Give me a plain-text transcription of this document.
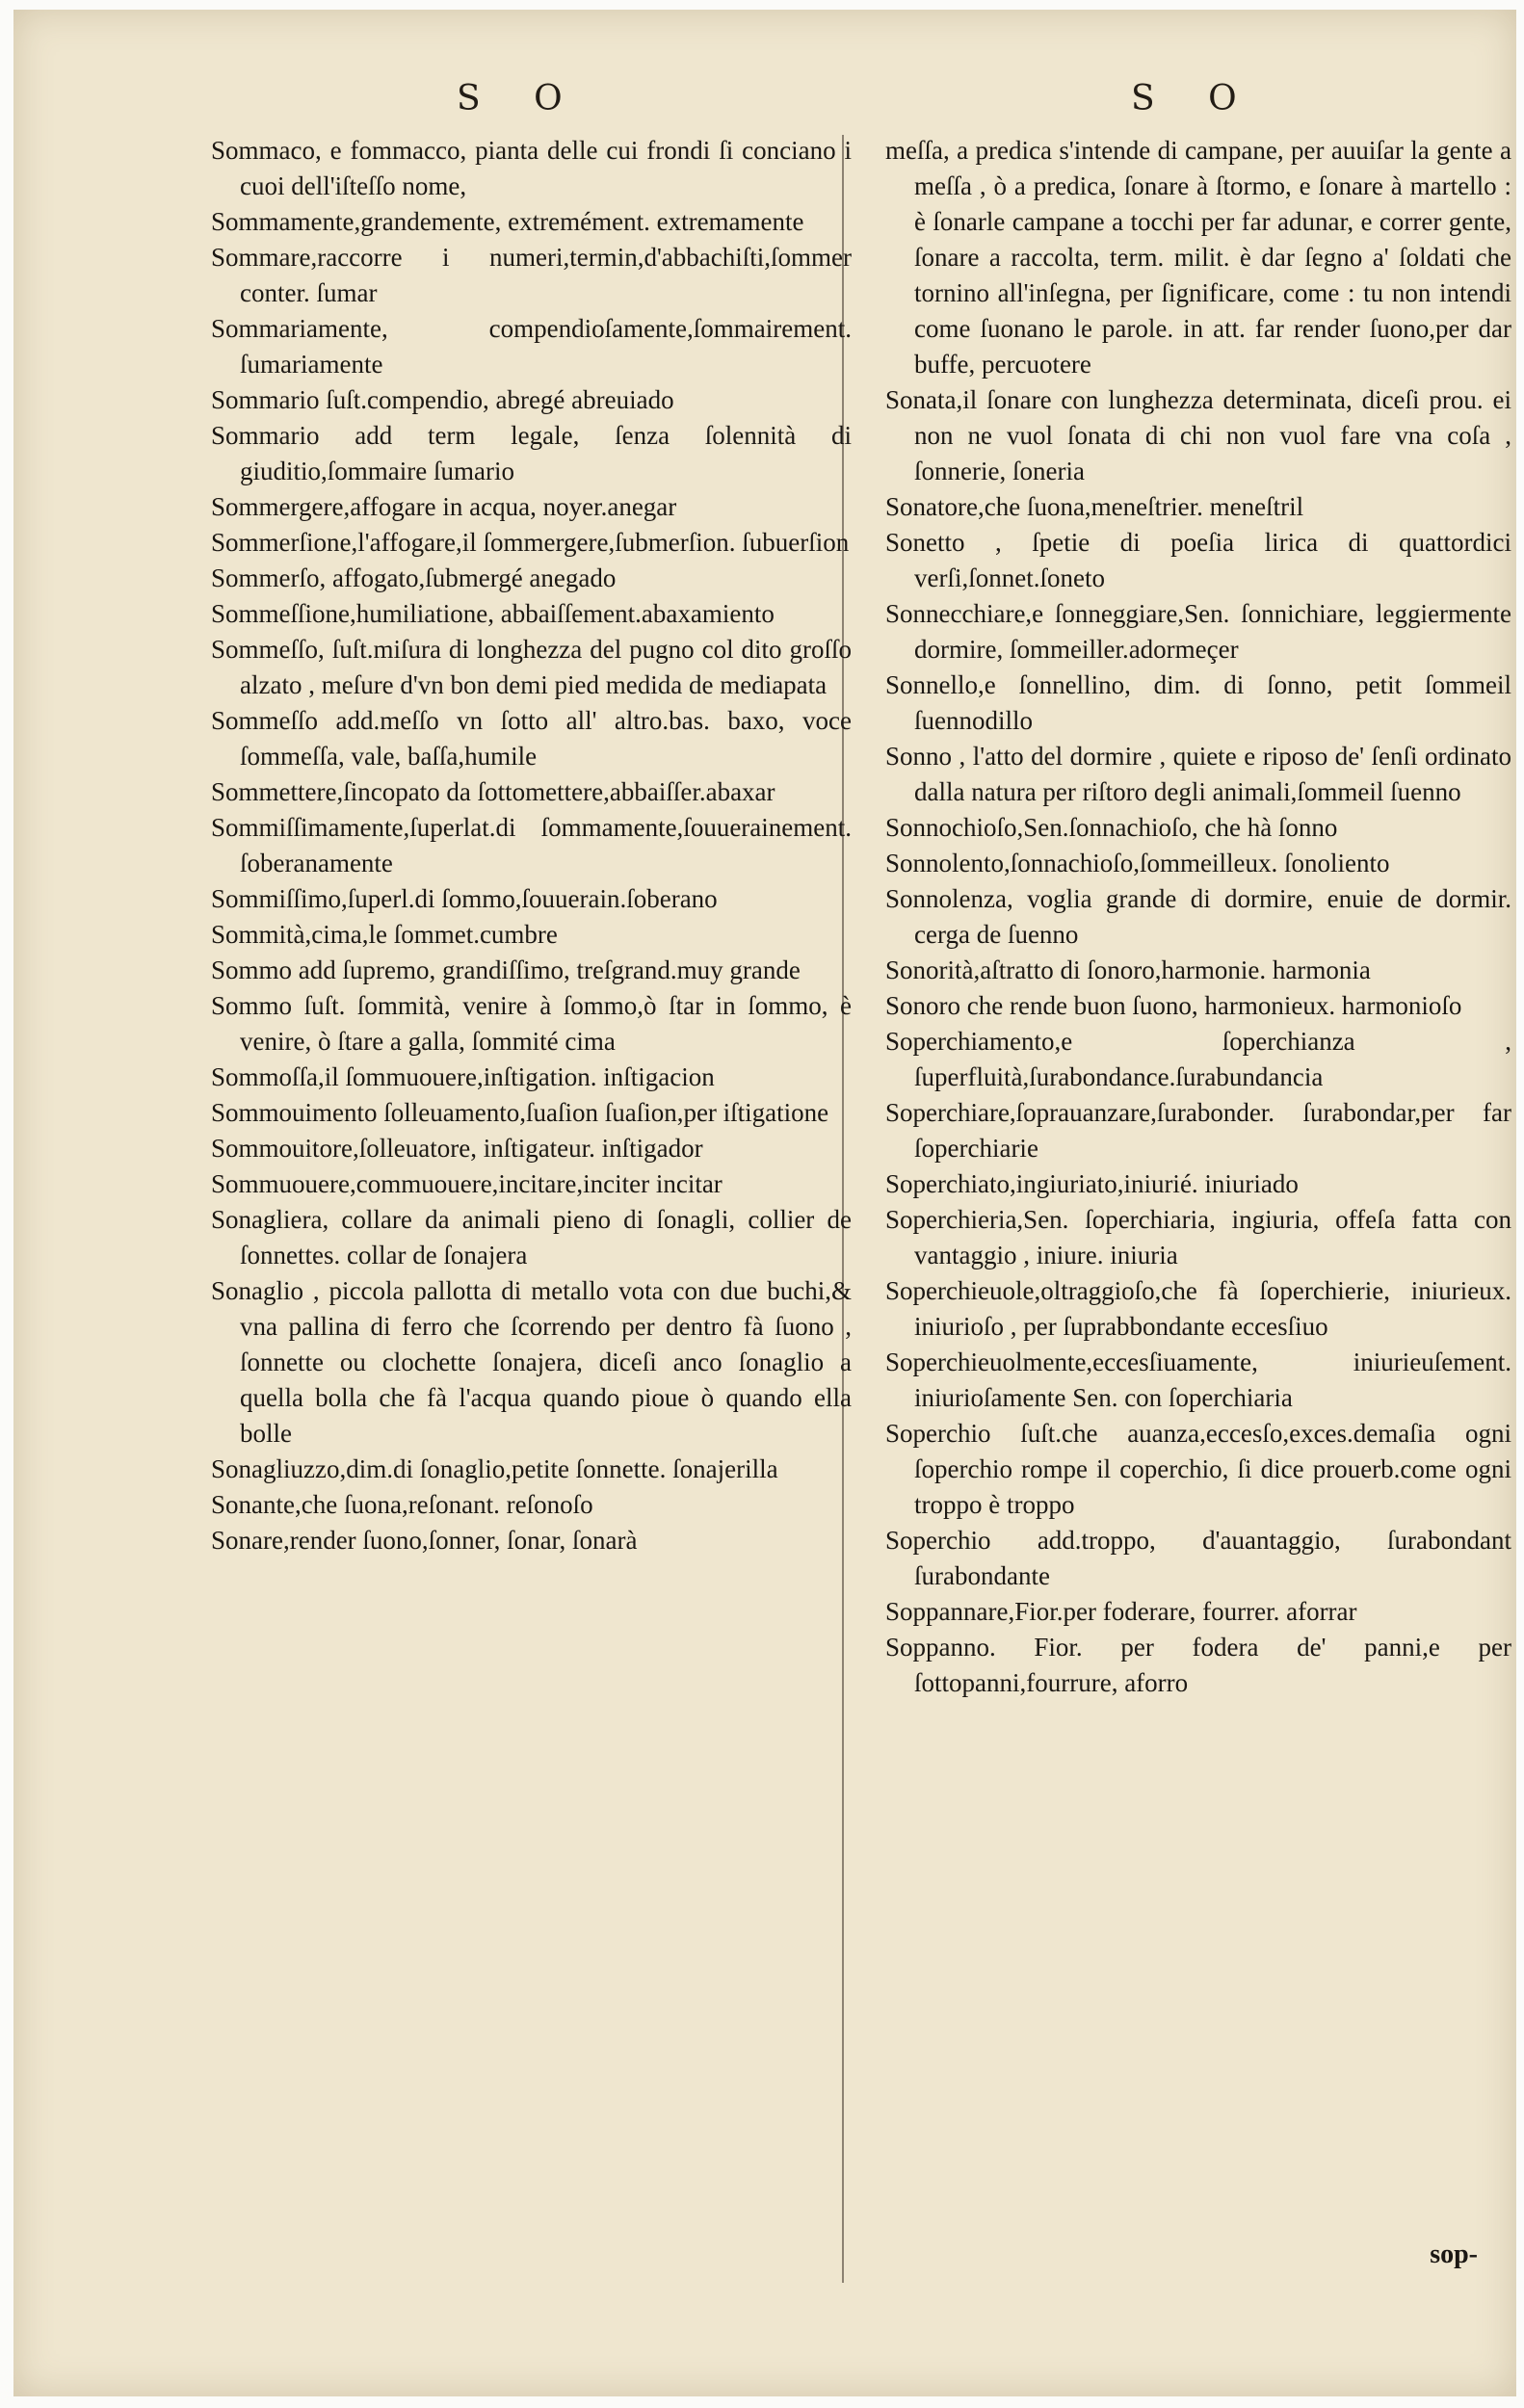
S O	S O
Sommaco, e fommacco, pianta delle cui frondi ſi conciano i cuoi dell'iſteſſo nome,
Sommamente,grandemente, extremément. extremamente
Sommare,raccorre i numeri,termin,d'abbachiſti,ſommer conter. ſumar
Sommariamente, compendioſamente,ſommairement. ſumariamente
Sommario ſuſt.compendio, abregé abreuiado
Sommario add term legale, ſenza ſolennità di giuditio,ſommaire ſumario
Sommergere,affogare in acqua, noyer.anegar
Sommerſione,l'affogare,il ſommergere,ſubmerſion. ſubuerſion
Sommerſo, affogato,ſubmergé anegado
Sommeſſione,humiliatione, abbaiſſement.abaxamiento
Sommeſſo, ſuſt.miſura di longhezza del pugno col dito groſſo alzato , meſure d'vn bon demi pied medida de mediapata
Sommeſſo add.meſſo vn ſotto all' altro.bas. baxo, voce ſommeſſa, vale, baſſa,humile
Sommettere,ſincopato da ſottomettere,abbaiſſer.abaxar
Sommiſſimamente,ſuperlat.di ſommamente,ſouuerainement. ſoberanamente
Sommiſſimo,ſuperl.di ſommo,ſouuerain.ſoberano
Sommità,cima,le ſommet.cumbre
Sommo add ſupremo, grandiſſimo, treſgrand.muy grande
Sommo ſuſt. ſommità, venire à ſommo,ò ſtar in ſommo, è venire, ò ſtare a galla, ſommité cima
Sommoſſa,il ſommuouere,inſtigation. inſtigacion
Sommouimento ſolleuamento,ſuaſion ſuaſion,per iſtigatione
Sommouitore,ſolleuatore, inſtigateur. inſtigador
Sommuouere,commuouere,incitare,inciter incitar
Sonagliera, collare da animali pieno di ſonagli, collier de ſonnettes. collar de ſonajera
Sonaglio , piccola pallotta di metallo vota con due buchi,& vna pallina di ferro che ſcorrendo per dentro fà ſuono , ſonnette ou clochette ſonajera, diceſi anco ſonaglio a quella bolla che fà l'acqua quando pioue ò quando ella bolle
Sonagliuzzo,dim.di ſonaglio,petite ſonnette. ſonajerilla
Sonante,che ſuona,reſonant. reſonoſo
Sonare,render ſuono,ſonner, ſonar, ſonarà
meſſa, a predica s'intende di campane, per auuiſar la gente a meſſa , ò a predica, ſonare à ſtormo, e ſonare à martello : è ſonarle campane a tocchi per far adunar, e correr gente, ſonare a raccolta, term. milit. è dar ſegno a' ſoldati che tornino all'inſegna, per ſignificare, come : tu non intendi come ſuonano le parole. in att. far render ſuono,per dar buffe, percuotere
Sonata,il ſonare con lunghezza determinata, diceſi prou. ei non ne vuol ſonata di chi non vuol fare vna coſa , ſonnerie, ſoneria
Sonatore,che ſuona,meneſtrier. meneſtril
Sonetto , ſpetie di poeſia lirica di quattordici verſi,ſonnet.ſoneto
Sonnecchiare,e ſonneggiare,Sen. ſonnichiare, leggiermente dormire, ſommeiller.adormeçer
Sonnello,e ſonnellino, dim. di ſonno, petit ſommeil ſuennodillo
Sonno , l'atto del dormire , quiete e riposo de' ſenſi ordinato dalla natura per riſtoro degli animali,ſommeil ſuenno
Sonnochioſo,Sen.ſonnachioſo, che hà ſonno
Sonnolento,ſonnachioſo,ſommeilleux. ſonoliento
Sonnolenza, voglia grande di dormire, enuie de dormir. cerga de ſuenno
Sonorità,aſtratto di ſonoro,harmonie. harmonia
Sonoro che rende buon ſuono, harmonieux. harmonioſo
Soperchiamento,e ſoperchianza , ſuperfluità,ſurabondance.ſurabundancia
Soperchiare,ſoprauanzare,ſurabonder. ſurabondar,per far ſoperchiarie
Soperchiato,ingiuriato,iniurié. iniuriado
Soperchieria,Sen. ſoperchiaria, ingiuria, offeſa fatta con vantaggio , iniure. iniuria
Soperchieuole,oltraggioſo,che fà ſoperchierie, iniurieux. iniurioſo , per ſuprabbondante eccesſiuo
Soperchieuolmente,eccesſiuamente, iniurieuſement. iniurioſamente Sen. con ſoperchiaria
Soperchio ſuſt.che auanza,eccesſo,exces.demaſia ogni ſoperchio rompe il coperchio, ſi dice prouerb.come ogni troppo è troppo
Soperchio add.troppo, d'auantaggio, ſurabondant ſurabondante
Soppannare,Fior.per foderare, fourrer. aforrar
Soppanno. Fior. per fodera de' panni,e per ſottopanni,fourrure, aforro
sop-
